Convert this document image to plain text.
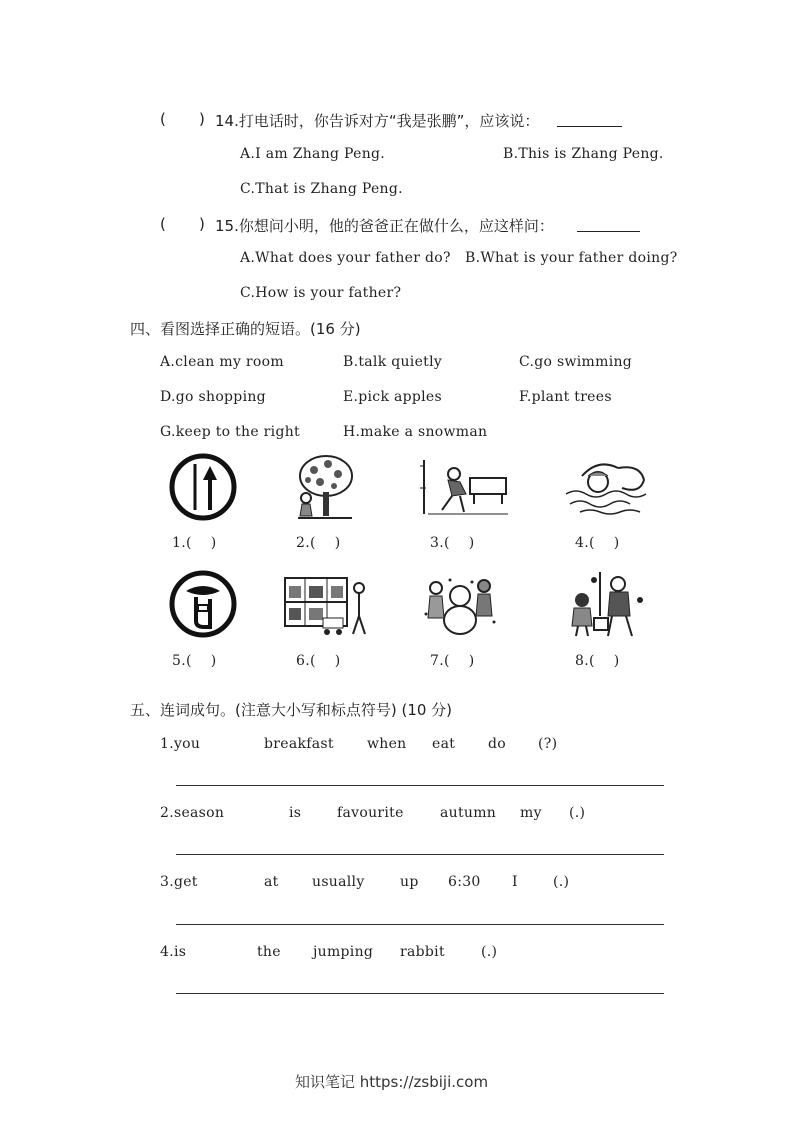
( ) 14.打电话时，你告诉对方“我是张鹏”，应该说：
A.I am Zhang Peng.	B.This is Zhang Peng.
C.That is Zhang Peng.
( ) 15.你想问小明，他的爸爸正在做什么，应这样问：
A.What does your father do? B.What is your father doing?
C.How is your father?
四、看图选择正确的短语。(16 分)
A.clean my room	B.talk quietly	C.go swimming
D.go shopping	E.pick apples	F.plant trees
G.keep to the right	H.make a snowman
1.(    )	2.(    )	3.(    )	4.(    )
5.(    )	6.(    )	7.(    )	8.(    )
五、连词成句。(注意大小写和标点符号) (10 分)
1.you	breakfast when eat do (?)
2.season	is	favourite	autumn my (.)
3.get	at usually	up 6:30 I	(.)
4.is	the jumping rabbit	(.)
知识笔记 https://zsbiji.com
